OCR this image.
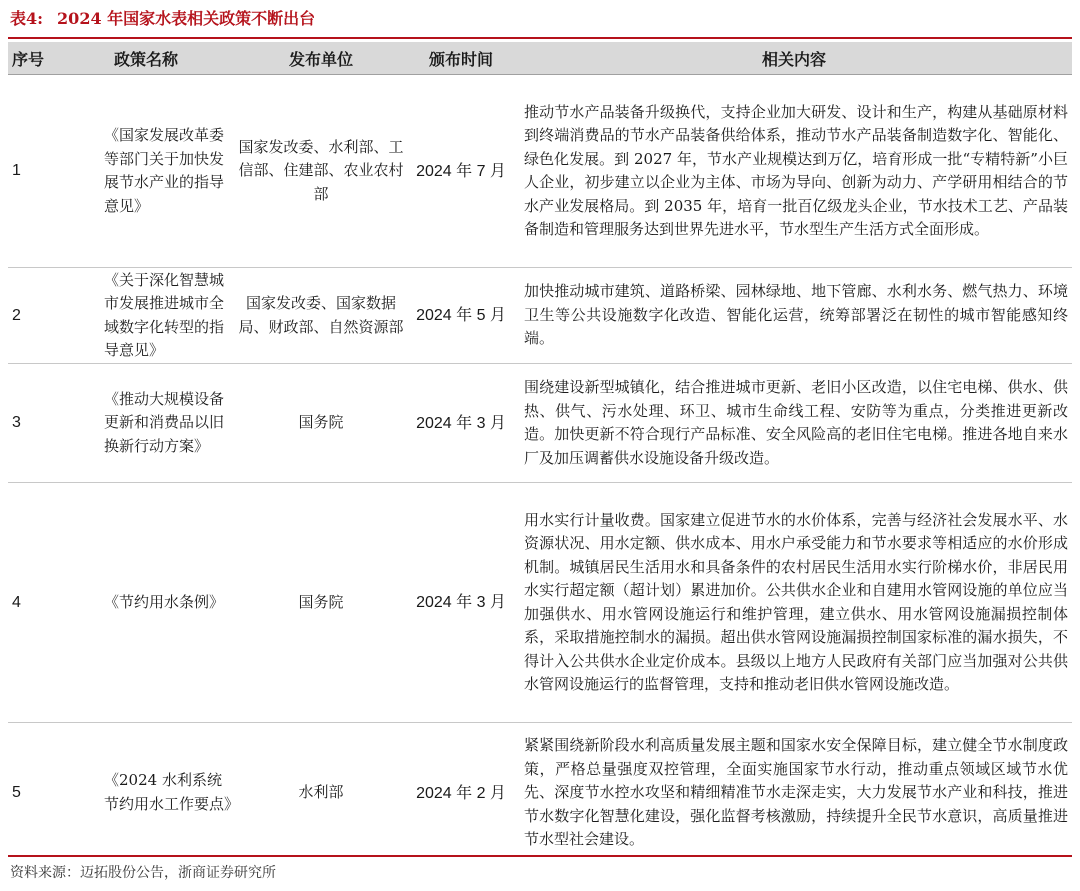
表4: 2024 年国家水表相关政策不断出台
序号	政策名称	发布单位	颁布时间	相关内容
1	《国家发展改革委等部门关于加快发展节水产业的指导意见》	国家发改委、水利部、工信部、住建部、农业农村部	2024 年 7 月	推动节水产品装备升级换代，支持企业加大研发、设计和生产，构建从基础原材料到终端消费品的节水产品装备供给体系，推动节水产品装备制造数字化、智能化、绿色化发展。到 2027 年，节水产业规模达到万亿，培育形成一批“专精特新”小巨人企业，初步建立以企业为主体、市场为导向、创新为动力、产学研用相结合的节水产业发展格局。到 2035 年，培育一批百亿级龙头企业，节水技术工艺、产品装备制造和管理服务达到世界先进水平，节水型生产生活方式全面形成。
2	《关于深化智慧城市发展推进城市全域数字化转型的指导意见》	国家发改委、国家数据局、财政部、自然资源部	2024 年 5 月	加快推动城市建筑、道路桥梁、园林绿地、地下管廊、水利水务、燃气热力、环境卫生等公共设施数字化改造、智能化运营，统筹部署泛在韧性的城市智能感知终端。
3	《推动大规模设备更新和消费品以旧换新行动方案》	国务院	2024 年 3 月	围绕建设新型城镇化，结合推进城市更新、老旧小区改造，以住宅电梯、供水、供热、供气、污水处理、环卫、城市生命线工程、安防等为重点，分类推进更新改造。加快更新不符合现行产品标准、安全风险高的老旧住宅电梯。推进各地自来水厂及加压调蓄供水设施设备升级改造。
4	《节约用水条例》	国务院	2024 年 3 月	用水实行计量收费。国家建立促进节水的水价体系，完善与经济社会发展水平、水资源状况、用水定额、供水成本、用水户承受能力和节水要求等相适应的水价形成机制。城镇居民生活用水和具备条件的农村居民生活用水实行阶梯水价，非居民用水实行超定额（超计划）累进加价。公共供水企业和自建用水管网设施的单位应当加强供水、用水管网设施运行和维护管理，建立供水、用水管网设施漏损控制体系，采取措施控制水的漏损。超出供水管网设施漏损控制国家标准的漏水损失，不得计入公共供水企业定价成本。县级以上地方人民政府有关部门应当加强对公共供水管网设施运行的监督管理，支持和推动老旧供水管网设施改造。
5	《2024 水利系统节约用水工作要点》	水利部	2024 年 2 月	紧紧围绕新阶段水利高质量发展主题和国家水安全保障目标，建立健全节水制度政策，严格总量强度双控管理，全面实施国家节水行动，推动重点领域区域节水优先、深度节水控水攻坚和精细精准节水走深走实，大力发展节水产业和科技，推进节水数字化智慧化建设，强化监督考核激励，持续提升全民节水意识，高质量推进节水型社会建设。
资料来源：迈拓股份公告，浙商证券研究所
